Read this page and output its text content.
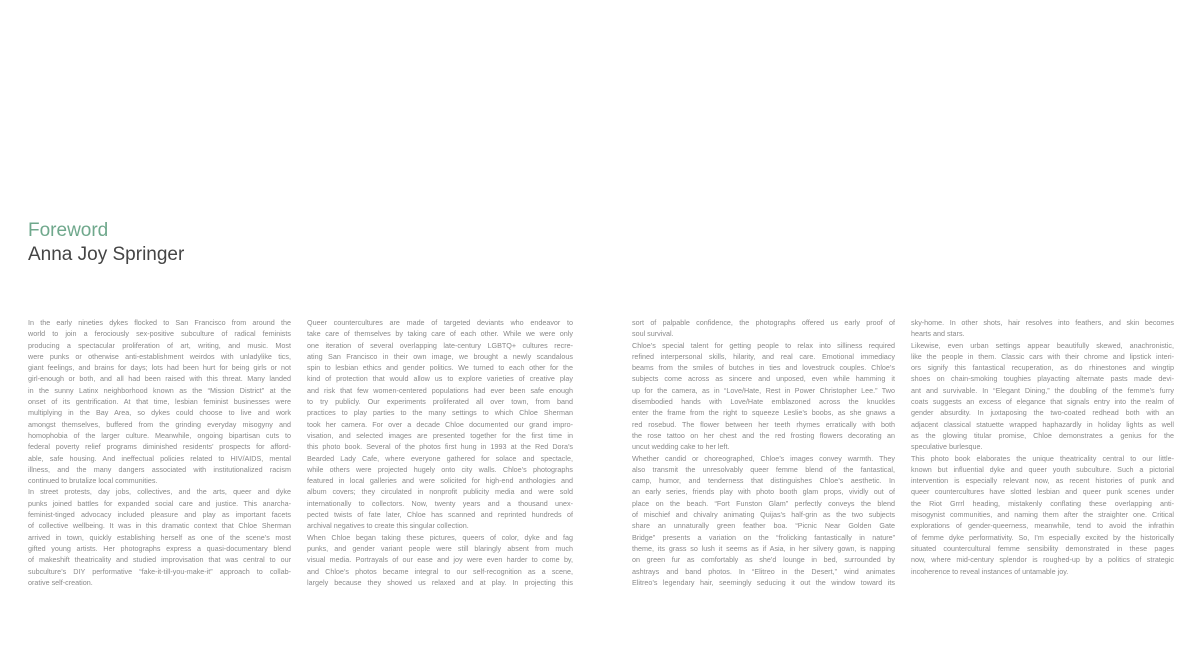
Foreword
Anna Joy Springer
In the early nineties dykes flocked to San Francisco from around the
world to join a ferociously sex-positive subculture of radical feminists
producing a spectacular proliferation of art, writing, and music. Most
were punks or otherwise anti-establishment weirdos with unladylike tics,
giant feelings, and brains for days; lots had been hurt for being girls or not
girl-enough or both, and all had been raised with this threat. Many landed
in the sunny Latinx neighborhood known as the “Mission District” at the
onset of its gentrification. At that time, lesbian feminist businesses were
multiplying in the Bay Area, so dykes could choose to live and work
amongst themselves, buffered from the grinding everyday misogyny and
homophobia of the larger culture. Meanwhile, ongoing bipartisan cuts to
federal poverty relief programs diminished residents’ prospects for afford-
able, safe housing. And ineffectual policies related to HIV/AIDS, mental
illness, and the many dangers associated with institutionalized racism
continued to brutalize local communities.
In street protests, day jobs, collectives, and the arts, queer and dyke
punks joined battles for expanded social care and justice. This anarcha-
feminist-tinged advocacy included pleasure and play as important facets
of collective wellbeing. It was in this dramatic context that Chloe Sherman
arrived in town, quickly establishing herself as one of the scene’s most
gifted young artists. Her photographs express a quasi-documentary blend
of makeshift theatricality and studied improvisation that was central to our
subculture’s DIY performative “fake-it-till-you-make-it” approach to collab-
orative self-creation.
Queer countercultures are made of targeted deviants who endeavor to
take care of themselves by taking care of each other. While we were only
one iteration of several overlapping late-century LGBTQ+ cultures recre-
ating San Francisco in their own image, we brought a newly scandalous
spin to lesbian ethics and gender politics. We turned to each other for the
kind of protection that would allow us to explore varieties of creative play
and risk that few women-centered populations had ever been safe enough
to try publicly. Our experiments proliferated all over town, from band
practices to play parties to the many settings to which Chloe Sherman
took her camera. For over a decade Chloe documented our grand impro-
visation, and selected images are presented together for the first time in
this photo book. Several of the photos first hung in 1993 at the Red Dora’s
Bearded Lady Cafe, where everyone gathered for solace and spectacle,
while others were projected hugely onto city walls. Chloe’s photographs
featured in local galleries and were solicited for high-end anthologies and
album covers; they circulated in nonprofit publicity media and were sold
internationally to collectors. Now, twenty years and a thousand unex-
pected twists of fate later, Chloe has scanned and reprinted hundreds of
archival negatives to create this singular collection.
When Chloe began taking these pictures, queers of color, dyke and fag
punks, and gender variant people were still blaringly absent from much
visual media. Portrayals of our ease and joy were even harder to come by,
and Chloe’s photos became integral to our self-recognition as a scene,
largely because they showed us relaxed and at play. In projecting this
sort of palpable confidence, the photographs offered us early proof of
soul survival.
Chloe’s special talent for getting people to relax into silliness required
refined interpersonal skills, hilarity, and real care. Emotional immediacy
beams from the smiles of butches in ties and lovestruck couples. Chloe’s
subjects come across as sincere and unposed, even while hamming it
up for the camera, as in “Love/Hate, Rest in Power Christopher Lee.” Two
disembodied hands with Love/Hate emblazoned across the knuckles
enter the frame from the right to squeeze Leslie’s boobs, as she gnaws a
red rosebud. The flower between her teeth rhymes erratically with both
the rose tattoo on her chest and the red frosting flowers decorating an
uncut wedding cake to her left.
Whether candid or choreographed, Chloe’s images convey warmth. They
also transmit the unresolvably queer femme blend of the fantastical,
camp, humor, and tenderness that distinguishes Chloe’s aesthetic. In
an early series, friends play with photo booth glam props, vividly out of
place on the beach. “Fort Funston Glam” perfectly conveys the blend
of mischief and chivalry animating Quijas’s half-grin as the two subjects
share an unnaturally green feather boa. “Picnic Near Golden Gate
Bridge” presents a variation on the “frolicking fantastically in nature”
theme, its grass so lush it seems as if Asia, in her silvery gown, is napping
on green fur as comfortably as she’d lounge in bed, surrounded by
ashtrays and band photos. In “Elitreo in the Desert,” wind animates
Elitreo’s legendary hair, seemingly seducing it out the window toward its
sky-home. In other shots, hair resolves into feathers, and skin becomes
hearts and stars.
Likewise, even urban settings appear beautifully skewed, anachronistic,
like the people in them. Classic cars with their chrome and lipstick interi-
ors signify this fantastical recuperation, as do rhinestones and wingtip
shoes on chain-smoking toughies playacting alternate pasts made devi-
ant and survivable. In “Elegant Dining,” the doubling of the femme’s furry
coats suggests an excess of elegance that signals entry into the realm of
gender absurdity. In juxtaposing the two-coated redhead both with an
adjacent classical statuette wrapped haphazardly in holiday lights as well
as the glowing titular promise, Chloe demonstrates a genius for the
speculative burlesque.
This photo book elaborates the unique theatricality central to our little-
known but influential dyke and queer youth subculture. Such a pictorial
intervention is especially relevant now, as recent histories of punk and
queer countercultures have slotted lesbian and queer punk scenes under
the Riot Grrrl heading, mistakenly conflating these overlapping anti-
misogynist communities, and naming them after the straighter one. Critical
explorations of gender-queerness, meanwhile, tend to avoid the infrathin
of femme dyke performativity. So, I’m especially excited by the historically
situated countercultural femme sensibility demonstrated in these pages
now, where mid-century splendor is roughed-up by a politics of strategic
incoherence to reveal instances of untamable joy.
